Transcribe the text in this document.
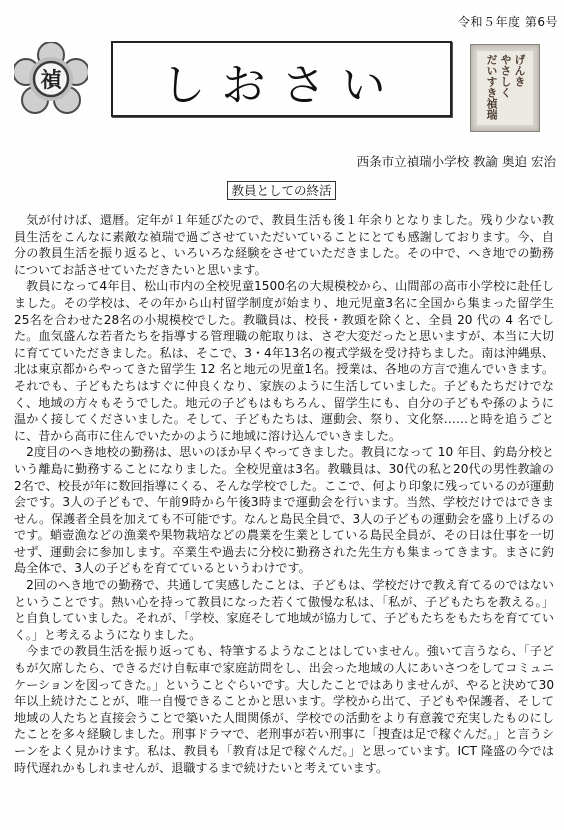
令和５年度 第6号
禎	しおさい	げんき
やさしく
だいすき禎瑞
西条市立禎瑞小学校 教諭 奥迫 宏治
教員としての終活

気が付けば、還暦。定年が１年延びたので、教員生活も後１年余りとなりました。残り少ない教員生活をこんなに素敵な禎瑞で過ごさせていただいていることにとても感謝しております。今、自分の教員生活を振り返ると、いろいろな経験をさせていただきました。その中で、へき地での勤務についてお話させていただきたいと思います。

教員になって4年目、松山市内の全校児童1500名の大規模校から、山間部の高市小学校に赴任しました。その学校は、その年から山村留学制度が始まり、地元児童3名に全国から集まった留学生25名を合わせた28名の小規模校でした。教職員は、校長・教頭を除くと、全員 20 代の 4 名でした。血気盛んな若者たちを指導する管理職の舵取りは、さぞ大変だったと思いますが、本当に大切に育てていただきました。私は、そこで、3・4年13名の複式学級を受け持ちました。南は沖縄県、北は東京都からやってきた留学生 12 名と地元の児童1名。授業は、各地の方言で進んでいきます。それでも、子どもたちはすぐに仲良くなり、家族のように生活していました。子どもたちだけでなく、地域の方々もそうでした。地元の子どもはもちろん、留学生にも、自分の子どもや孫のように温かく接してくださいました。そして、子どもたちは、運動会、祭り、文化祭……と時を追うごとに、昔から高市に住んでいたかのように地域に溶け込んでいきました。

2度目のへき地校の勤務は、思いのほか早くやってきました。教員になって 10 年目、釣島分校という離島に勤務することになりました。全校児童は3名。教職員は、30代の私と20代の男性教諭の2名で、校長が年に数回指導にくる、そんな学校でした。ここで、何より印象に残っているのが運動会です。3人の子どもで、午前9時から午後3時まで運動会を行います。当然、学校だけではできません。保護者全員を加えても不可能です。なんと島民全員で、3人の子どもの運動会を盛り上げるのです。蛸壺漁などの漁業や果物栽培などの農業を生業としている島民全員が、その日は仕事を一切せず、運動会に参加します。卒業生や過去に分校に勤務された先生方も集まってきます。まさに釣島全体で、3人の子どもを育てているというわけです。

2回のへき地での勤務で、共通して実感したことは、子どもは、学校だけで教え育てるのではないということです。熱い心を持って教員になった若くて傲慢な私は、「私が、子どもたちを教える。」と自負していました。それが、「学校、家庭そして地域が協力して、子どもたちをもたちを育てていく。」と考えるようになりました。

今までの教員生活を振り返っても、特筆するようなことはしていません。強いて言うなら、「子どもが欠席したら、できるだけ自転車で家庭訪問をし、出会った地域の人にあいさつをしてコミュニケーションを図ってきた。」ということぐらいです。大したことではありませんが、やると決めて30年以上続けたことが、唯一自慢できることかと思います。学校から出て、子どもや保護者、そして地域の人たちと直接会うことで築いた人間関係が、学校での活動をより有意義で充実したものにしたことを多々経験しました。刑事ドラマで、老刑事が若い刑事に「捜査は足で稼ぐんだ。」と言うシーンをよく見かけます。私は、教員も「教育は足で稼ぐんだ。」と思っています。ICT 隆盛の今では時代遅れかもしれませんが、退職するまで続けたいと考えています。
